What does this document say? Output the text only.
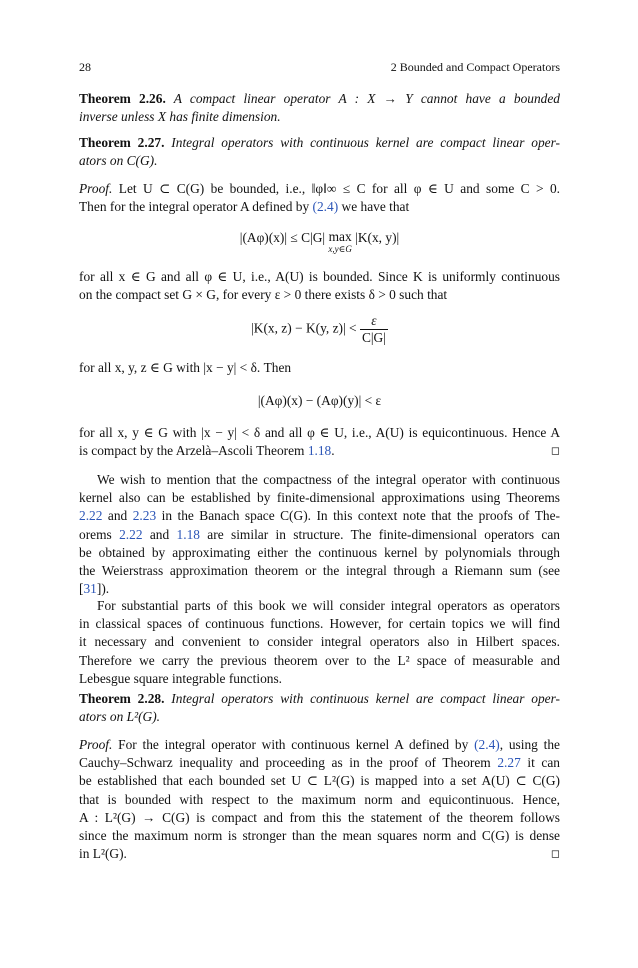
28	2 Bounded and Compact Operators
Theorem 2.26. A compact linear operator A : X → Y cannot have a bounded
inverse unless X has finite dimension.
Theorem 2.27. Integral operators with continuous kernel are compact linear oper-
ators on C(G).
Proof. Let U ⊂ C(G) be bounded, i.e., ‖φ‖∞ ≤ C for all φ ∈ U and some C > 0.
Then for the integral operator A defined by (2.4) we have that
|(Aφ)(x)| ≤ C|G| max
x,y∈G
|K(x, y)|
for all x ∈ G and all φ ∈ U, i.e., A(U) is bounded. Since K is uniformly continuous
on the compact set G × G, for every ε > 0 there exists δ > 0 such that
|K(x, z) − K(y, $z)| < \frac{\varepsilon}{C|G|}$
for all x, y, z ∈ G with |x − y| < δ. Then
|(Aφ)(x) − (Aφ)(y)| < ε
for all x, y ∈ G with |x − y| < δ and all φ ∈ U, i.e., A(U) is equicontinuous. Hence A
is compact by the Arzelà–Ascoli Theorem 1.18.	◻
We wish to mention that the compactness of the integral operator with continuous
kernel also can be established by finite-dimensional approximations using Theorems
2.22 and 2.23 in the Banach space C(G). In this context note that the proofs of The-
orems 2.22 and 1.18 are similar in structure. The finite-dimensional operators can
be obtained by approximating either the continuous kernel by polynomials through
the Weierstrass approximation theorem or the integral through a Riemann sum (see
[31]).
For substantial parts of this book we will consider integral operators as operators
in classical spaces of continuous functions. However, for certain topics we will find
it necessary and convenient to consider integral operators also in Hilbert spaces.
Therefore we carry the previous theorem over to the L² space of measurable and
Lebesgue square integrable functions.
Theorem 2.28. Integral operators with continuous kernel are compact linear oper-
ators on L²(G).
Proof. For the integral operator with continuous kernel A defined by (2.4), using the
Cauchy–Schwarz inequality and proceeding as in the proof of Theorem 2.27 it can
be established that each bounded set U ⊂ L²(G) is mapped into a set A(U) ⊂ C(G)
that is bounded with respect to the maximum norm and equicontinuous. Hence,
A : L²(G) → C(G) is compact and from this the statement of the theorem follows
since the maximum norm is stronger than the mean squares norm and C(G) is dense
in L²(G).	◻
